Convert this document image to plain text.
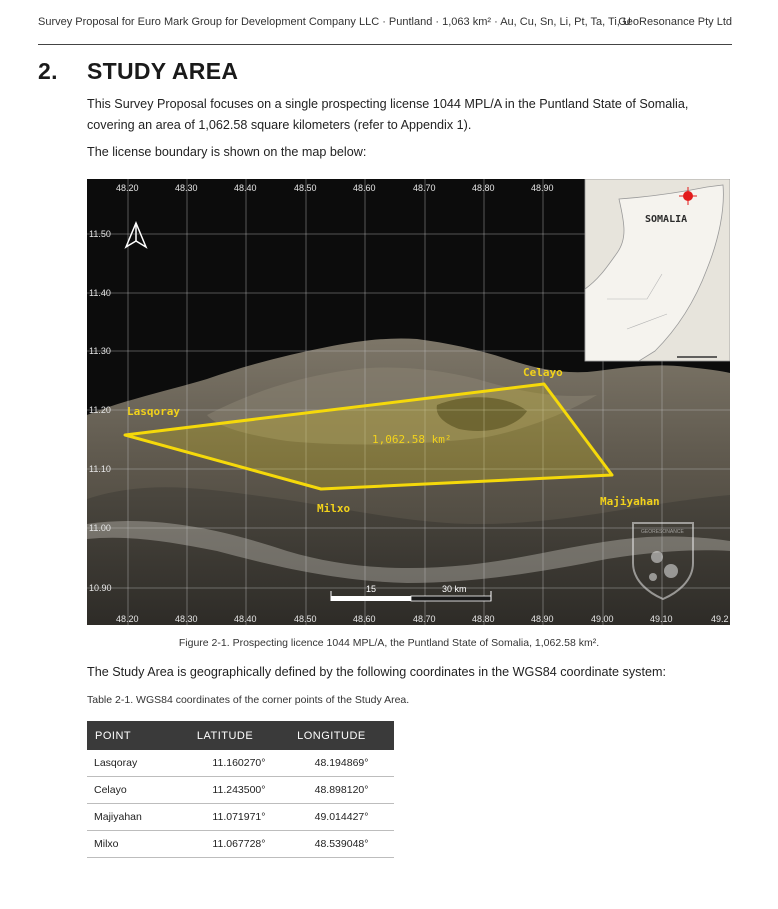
Survey Proposal for Euro Mark Group for Development Company LLC · Puntland · 1,063 km² · Au, Cu, Sn, Li, Pt, Ta, Ti, U
GeoResonance Pty Ltd
2. STUDY AREA
This Survey Proposal focuses on a single prospecting license 1044 MPL/A in the Puntland State of Somalia, covering an area of 1,062.58 square kilometers (refer to Appendix 1).
The license boundary is shown on the map below:
48.20	48.30	48.40	48.50	48.60	48.70	48.80	48.90
48.20	48.30	48.40	48.50	48.60	48.70	48.80	48.90	49.00	49.10	49.2
11.50
11.40
11.30
11.20
11.10
11.00
10.90
Lasqoray
Celayo
Majiyahan
Milxo
1,062.58 km²
15	30 km
GEORESONANCE
SOMALIA
Figure 2-1. Prospecting licence 1044 MPL/A, the Puntland State of Somalia, 1,062.58 km².
The Study Area is geographically defined by the following coordinates in the WGS84 coordinate system:
Table 2-1. WGS84 coordinates of the corner points of the Study Area.
POINT	LATITUDE	LONGITUDE
Lasqoray	11.160270°	48.194869°
Celayo	11.243500°	48.898120°
Majiyahan	11.071971°	49.014427°
Milxo	11.067728°	48.539048°
